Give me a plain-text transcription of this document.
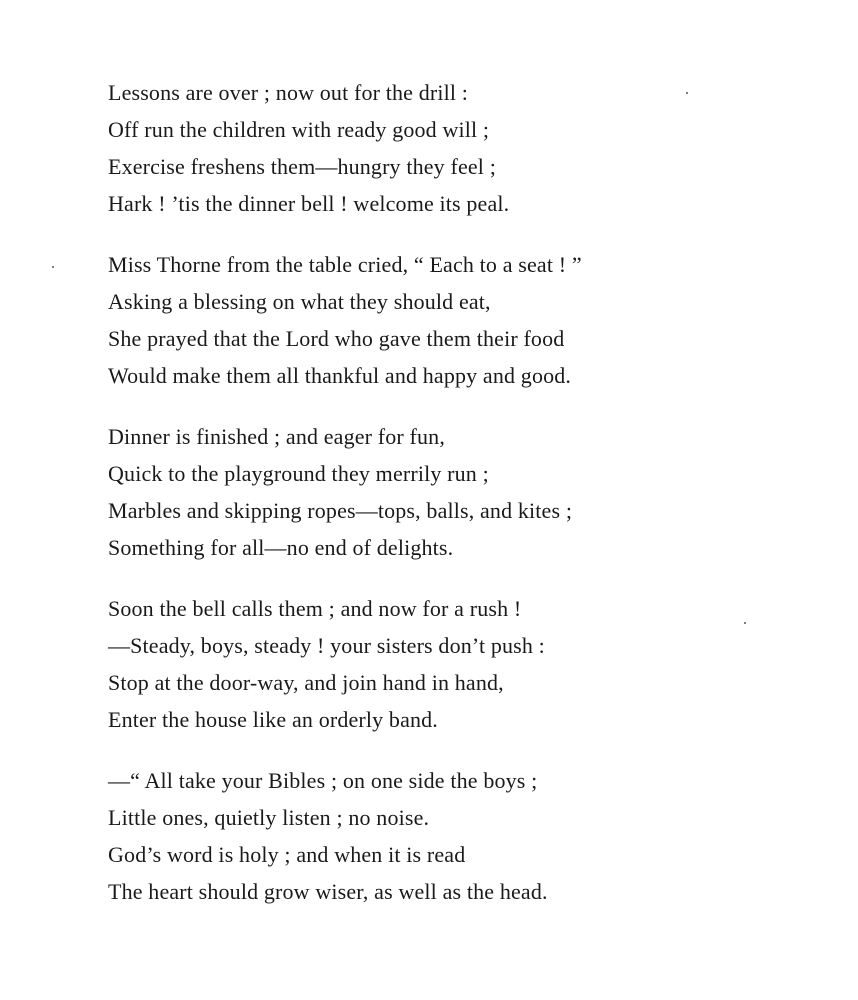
Lessons are over ; now out for the drill :
Off run the children with ready good will ;
Exercise freshens them—hungry they feel ;
Hark ! ’tis the dinner bell ! welcome its peal.
Miss Thorne from the table cried, “ Each to a seat ! ”
Asking a blessing on what they should eat,
She prayed that the Lord who gave them their food
Would make them all thankful and happy and good.
Dinner is finished ; and eager for fun,
Quick to the playground they merrily run ;
Marbles and skipping ropes—tops, balls, and kites ;
Something for all—no end of delights.
Soon the bell calls them ; and now for a rush !
—Steady, boys, steady ! your sisters don’t push :
Stop at the door-way, and join hand in hand,
Enter the house like an orderly band.
—“ All take your Bibles ; on one side the boys ;
Little ones, quietly listen ; no noise.
God’s word is holy ; and when it is read
The heart should grow wiser, as well as the head.
